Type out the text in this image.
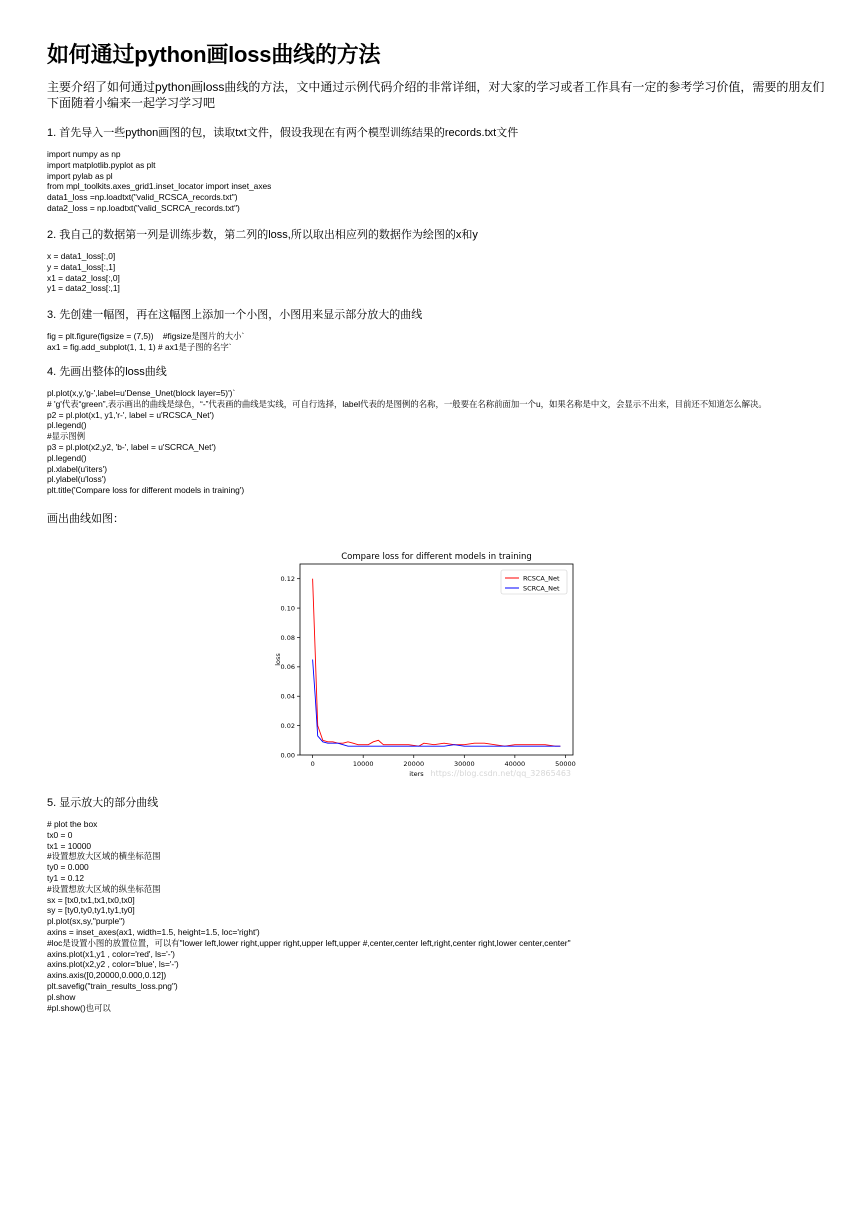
如何通过python画loss曲线的方法
主要介绍了如何通过python画loss曲线的方法，文中通过示例代码介绍的非常详细，对大家的学习或者工作具有一定的参考学习价值，需要的朋友们下面随着小编来一起学习学习吧
1. 首先导入一些python画图的包，读取txt文件，假设我现在有两个模型训练结果的records.txt文件
import numpy as np
import matplotlib.pyplot as plt
import pylab as pl
from mpl_toolkits.axes_grid1.inset_locator import inset_axes
data1_loss =np.loadtxt("valid_RCSCA_records.txt")
data2_loss = np.loadtxt("valid_SCRCA_records.txt")
2. 我自己的数据第一列是训练步数，第二列的loss,所以取出相应列的数据作为绘图的x和y
x = data1_loss[:,0]
y = data1_loss[:,1]
x1 = data2_loss[:,0]
y1 = data2_loss[:,1]
3. 先创建一幅图，再在这幅图上添加一个小图，小图用来显示部分放大的曲线
fig = plt.figure(figsize = (7,5))    #figsize是图片的大小`
ax1 = fig.add_subplot(1, 1, 1) # ax1是子图的名字`
4. 先画出整体的loss曲线
pl.plot(x,y,'g-',label=u'Dense_Unet(block layer=5)')`
# 'g'代表“green”,表示画出的曲线是绿色，“-”代表画的曲线是实线，可自行选择，label代表的是图例的名称，一般要在名称前面加一个u，如果名称是中文，会显示不出来，目前还不知道怎么解决。
p2 = pl.plot(x1, y1,'r-', label = u'RCSCA_Net')
pl.legend()
#显示图例
p3 = pl.plot(x2,y2, 'b-', label = u'SCRCA_Net')
pl.legend()
pl.xlabel(u'iters')
pl.ylabel(u'loss')
plt.title('Compare loss for different models in training')
画出曲线如图：
5. 显示放大的部分曲线
# plot the box
tx0 = 0
tx1 = 10000
#设置想放大区域的横坐标范围
ty0 = 0.000
ty1 = 0.12
#设置想放大区域的纵坐标范围
sx = [tx0,tx1,tx1,tx0,tx0]
sy = [ty0,ty0,ty1,ty1,ty0]
pl.plot(sx,sy,"purple")
axins = inset_axes(ax1, width=1.5, height=1.5, loc='right')
#loc是设置小图的放置位置，可以有"lower left,lower right,upper right,upper left,upper #,center,center left,right,center right,lower center,center"
axins.plot(x1,y1 , color='red', ls='-')
axins.plot(x2,y2 , color='blue', ls='-')
axins.axis([0,20000,0.000,0.12])
plt.savefig("train_results_loss.png")
pl.show
#pl.show()也可以
Compare loss for different models in training
0	10000	20000	30000	40000	50000
0.00
0.02
0.04
0.06
0.08
0.10
0.12
iters
loss
RCSCA_Net
SCRCA_Net
https://blog.csdn.net/qq_32865463
